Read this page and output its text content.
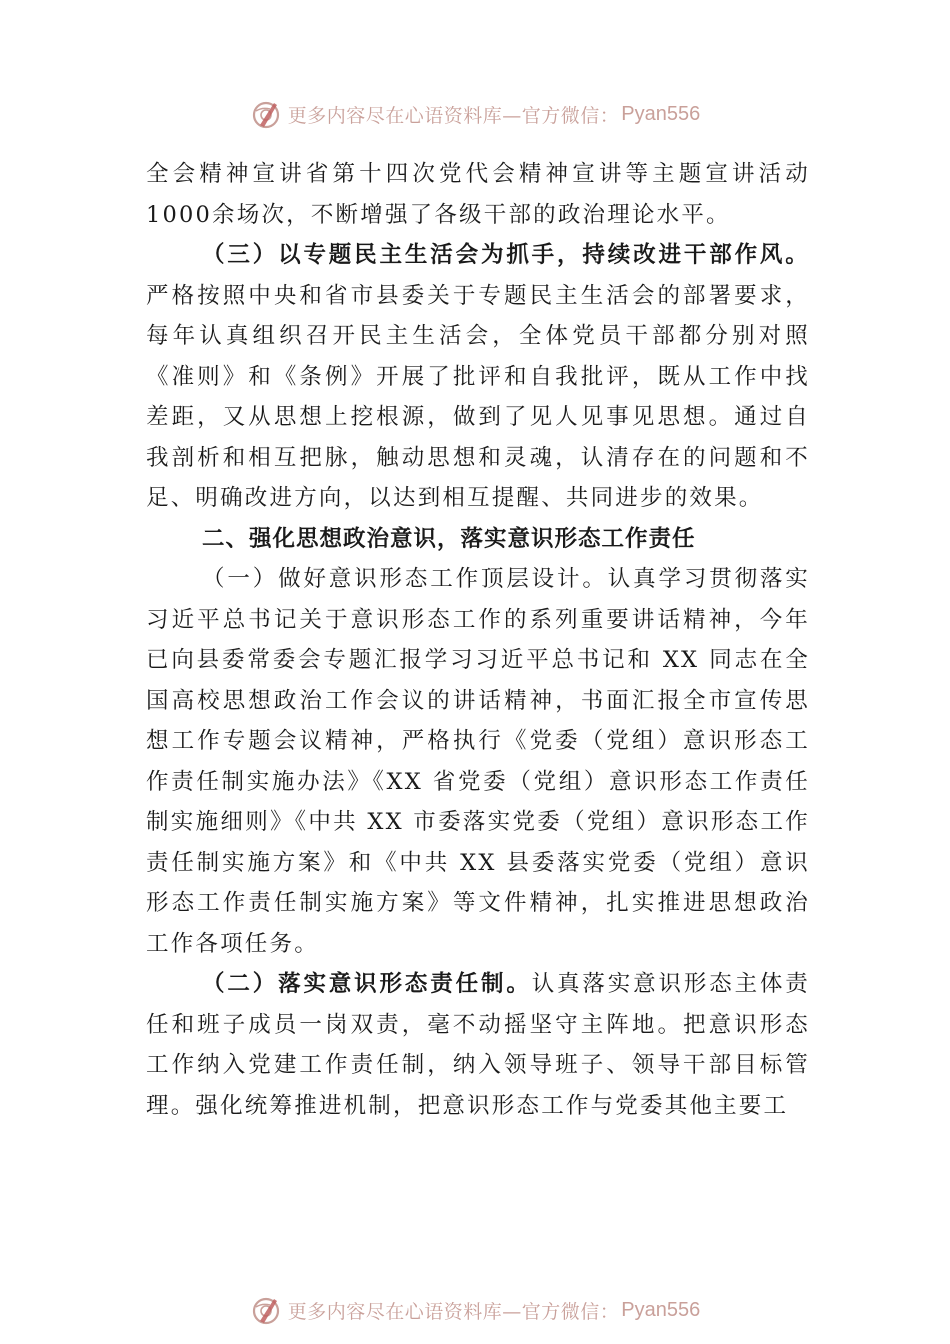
更多内容尽在心语资料库—官方微信： Pyan556

全会精神宣讲省第十四次党代会精神宣讲等主题宣讲活动1000余场次，不断增强了各级干部的政治理论水平。

（三）以专题民主生活会为抓手，持续改进干部作风。严格按照中央和省市县委关于专题民主生活会的部署要求， 每年认真组织召开民主生活会，全体党员干部都分别对照《准则》和《条例》开展了批评和自我批评，既从工作中找差距，又从思想上挖根源，做到了见人见事见思想。通过自我剖析和相互把脉，触动思想和灵魂，认清存在的问题和不足、明确改进方向，以达到相互提醒、共同进步的效果。

二、强化思想政治意识，落实意识形态工作责任

（一）做好意识形态工作顶层设计。认真学习贯彻落实习近平总书记关于意识形态工作的系列重要讲话精神，今年已向县委常委会专题汇报学习习近平总书记和 XX 同志在全国高校思想政治工作会议的讲话精神，书面汇报全市宣传思想工作专题会议精神，严格执行《党委（党组）意识形态工作责任制实施办法》《XX 省党委（党组）意识形态工作责任制实施细则》《中共 XX 市委落实党委（党组）意识形态工作责任制实施方案》和《中共 XX 县委落实党委（党组）意识形态工作责任制实施方案》等文件精神，扎实推进思想政治工作各项任务。

（二）落实意识形态责任制。认真落实意识形态主体责任和班子成员一岗双责，毫不动摇坚守主阵地。把意识形态工作纳入党建工作责任制，纳入领导班子、领导干部目标管理。强化统筹推进机制，把意识形态工作与党委其他主要工

更多内容尽在心语资料库—官方微信： Pyan556
